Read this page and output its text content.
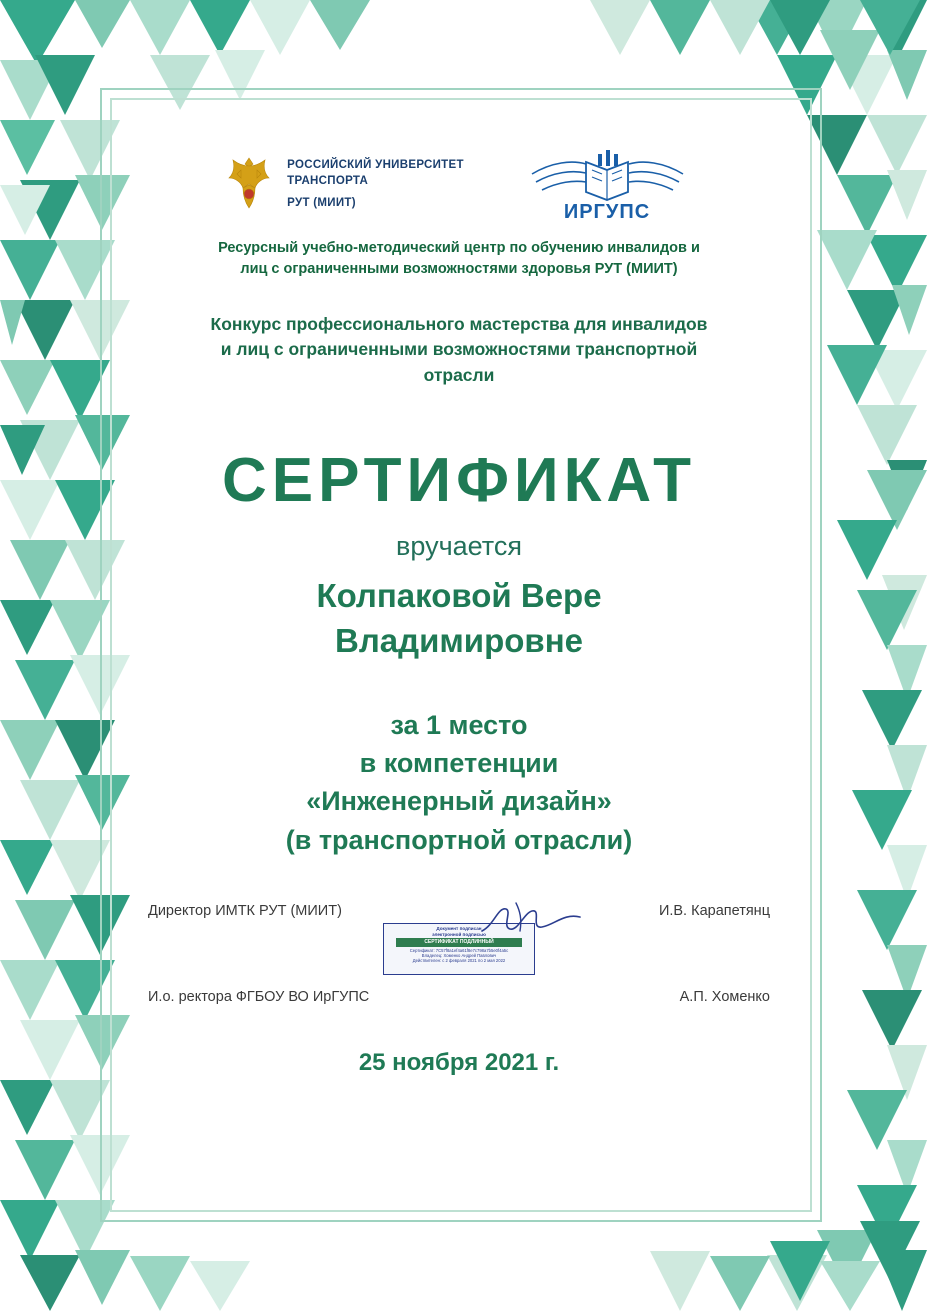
РОССИЙСКИЙ УНИВЕРСИТЕТ
ТРАНСПОРТА
РУТ (МИИТ)	ИРГУПС
Ресурсный учебно-методический центр по обучению инвалидов и
лиц с ограниченными возможностями здоровья РУТ (МИИТ)
Конкурс профессионального мастерства для инвалидов
и лиц с ограниченными возможностями транспортной
отрасли
СЕРТИФИКАТ
вручается
Колпаковой Вере
Владимировне
за 1 место
в компетенции
«Инженерный дизайн»
(в транспортной отрасли)
Директор ИМТК РУТ (МИИТ)	И.В. Карапетянц
Документ подписан
электронной подписью
СЕРТИФИКАТ ПОДЛИННЫЙ
Сертификат: 7C57f8a1ef4a61f8e7c798a7b5e0f4a5c
Владелец: Хоменко Андрей Павлович
Действителен: с 2 февраля 2021 по 2 мая 2022
И.о. ректора ФГБОУ ВО ИрГУПС	А.П. Хоменко
25 ноября 2021 г.
